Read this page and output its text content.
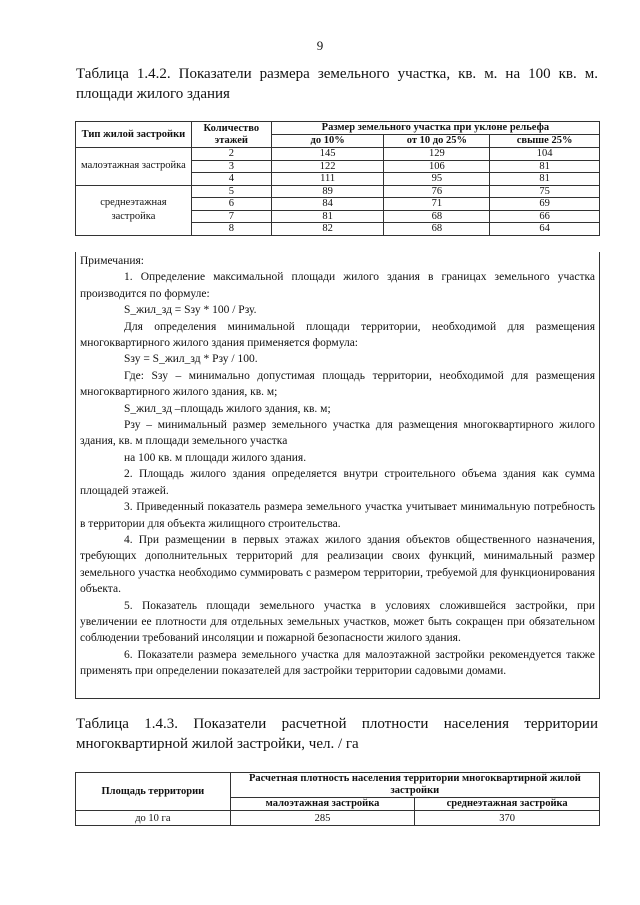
9
Таблица 1.4.2. Показатели размера земельного участка, кв. м. на 100 кв. м. площади жилого здания
Тип жилой застройки	Количество этажей	Размер земельного участка при уклоне рельефа		
		до 10%	от 10 до 25%	свыше 25%
малоэтажная застройка	2	145	129	104
	3	122	106	81
	4	111	95	81
среднеэтажная застройка	5	89	76	75
	6	84	71	69
	7	81	68	66
	8	82	68	64

Примечания:

1. Определение максимальной площади жилого здания в границах земельного участка производится по формуле:

S_жил_зд = Sзу * 100 / Рзу.

Для определения минимальной площади территории, необходимой для размещения многоквартирного жилого здания применяется формула:

Sзу = S_жил_зд * Рзу / 100.

Где: Sзу – минимально допустимая площадь территории, необходимой для размещения многоквартирного жилого здания, кв. м;

S_жил_зд –площадь жилого здания, кв. м;

Рзу – минимальный размер земельного участка для размещения многоквартирного жилого здания, кв. м площади земельного участка

на 100 кв. м площади жилого здания.

2. Площадь жилого здания определяется внутри строительного объема здания как сумма площадей этажей.

3. Приведенный показатель размера земельного участка учитывает минимальную потребность в территории для объекта жилищного строительства.

4. При размещении в первых этажах жилого здания объектов общественного назначения, требующих дополнительных территорий для реализации своих функций, минимальный размер земельного участка необходимо суммировать с размером территории, требуемой для функционирования объекта.

5. Показатель площади земельного участка в условиях сложившейся застройки, при увеличении ее плотности для отдельных земельных участков, может быть сокращен при обязательном соблюдении требований инсоляции и пожарной безопасности жилого здания.

6. Показатели размера земельного участка для малоэтажной застройки рекомендуется также применять при определении показателей для застройки территории садовыми домами.

Таблица 1.4.3. Показатели расчетной плотности населения территории многоквартирной жилой застройки, чел. / га
Площадь территории	Расчетная плотность населения территории многоквартирной жилой застройки	
	малоэтажная застройка	среднеэтажная застройка
до 10 га	285	370
